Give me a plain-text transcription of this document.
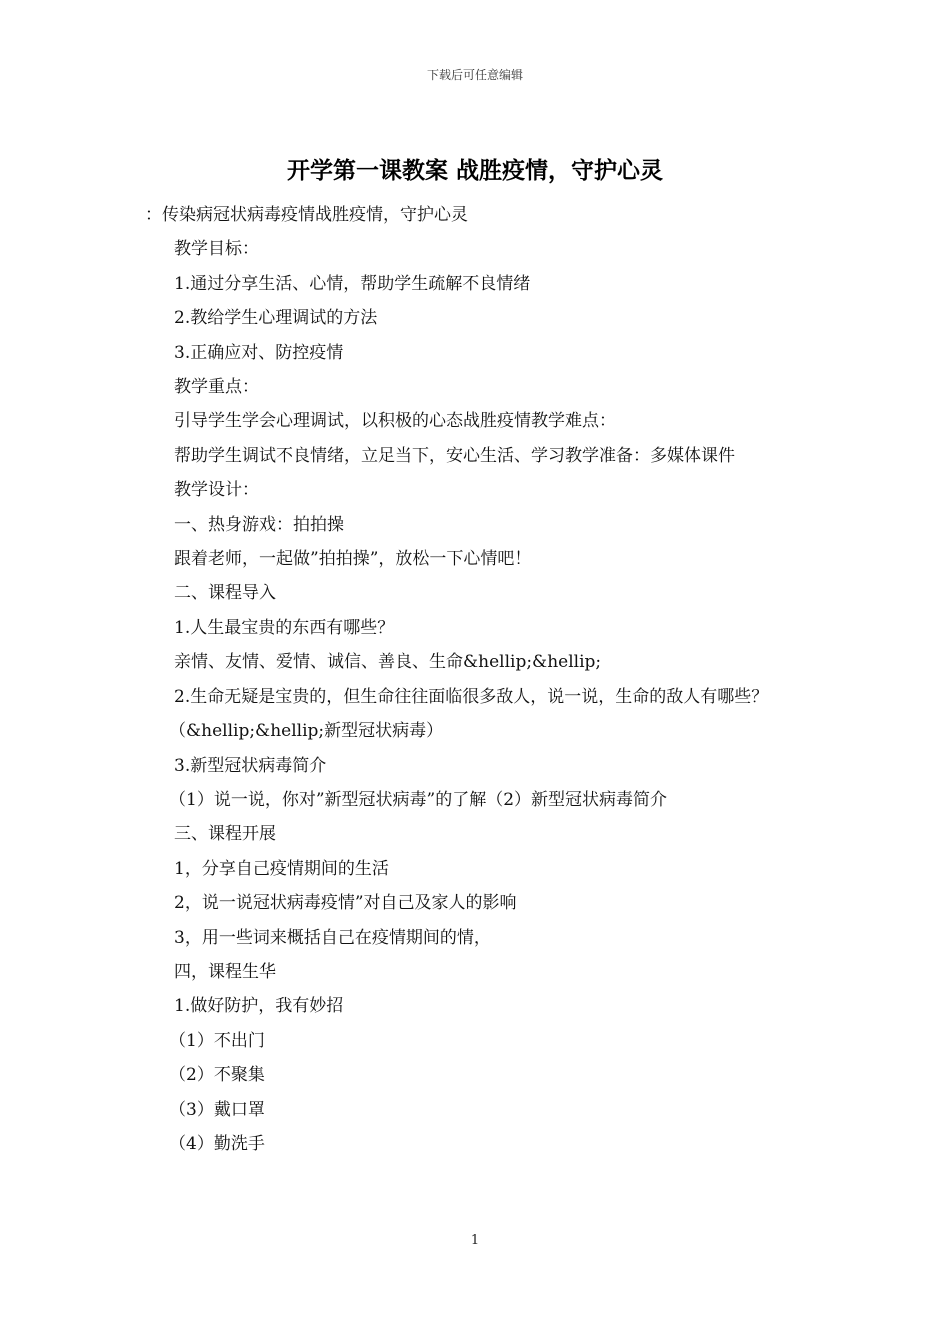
下载后可任意编辑
开学第一课教案 战胜疫情，守护心灵

：传染病冠状病毒疫情战胜疫情，守护心灵

教学目标：

1.通过分享生活、心情，帮助学生疏解不良情绪

2.教给学生心理调试的方法

3.正确应对、防控疫情

教学重点：

引导学生学会心理调试，以积极的心态战胜疫情教学难点：

帮助学生调试不良情绪，立足当下，安心生活、学习教学准备：多媒体课件

教学设计：

一、热身游戏：拍拍操

跟着老师，一起做”拍拍操”，放松一下心情吧！

二、课程导入

1.人生最宝贵的东西有哪些？

亲情、友情、爱情、诚信、善良、生命&hellip;&hellip;

2.生命无疑是宝贵的，但生命往往面临很多敌人，说一说，生命的敌人有哪些？

（&hellip;&hellip;新型冠状病毒）

3.新型冠状病毒简介

（1）说一说，你对”新型冠状病毒”的了解（2）新型冠状病毒简介

三、课程开展

1，分享自己疫情期间的生活

2，说一说冠状病毒疫情”对自己及家人的影响

3，用一些词来概括自己在疫情期间的情，

四，课程生华

1.做好防护，我有妙招

（1）不出门

（2）不聚集

（3）戴口罩

（4）勤洗手

1
